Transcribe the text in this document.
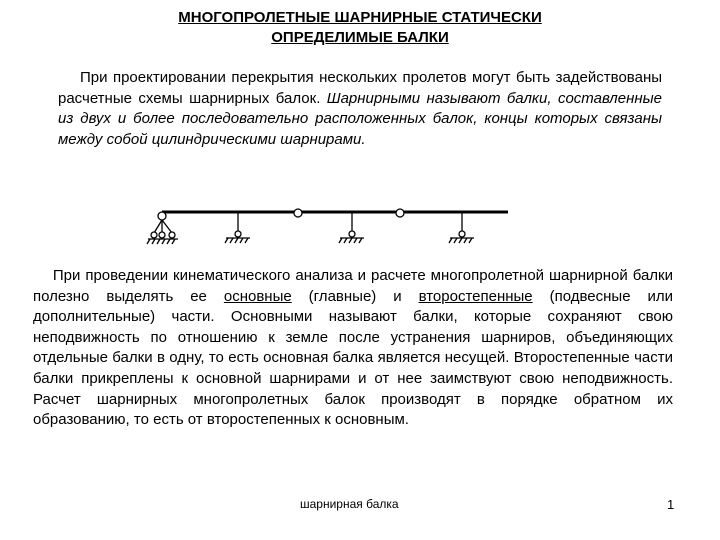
МНОГОПРОЛЕТНЫЕ ШАРНИРНЫЕ СТАТИЧЕСКИ
ОПРЕДЕЛИМЫЕ БАЛКИ
При проектировании перекрытия нескольких пролетов могут быть задействованы расчетные схемы шарнирных балок. Шарнирными называют балки, составленные из двух и более последовательно расположенных балок, концы которых связаны между собой цилиндрическими шарнирами.
При проведении кинематического анализа и расчете многопролетной шарнирной балки полезно выделять ее основные (главные) и второстепенные (подвесные или дополнительные) части. Основными называют балки, которые сохраняют свою неподвижность по отношению к земле после устранения шарниров, объединяющих отдельные балки в одну, то есть основная балка является несущей. Второстепенные части балки прикреплены к основной шарнирами и от нее заимствуют свою неподвижность. Расчет шарнирных многопролетных балок производят в порядке обратном их образованию, то есть от второстепенных к основным.
шарнирная балка	1
